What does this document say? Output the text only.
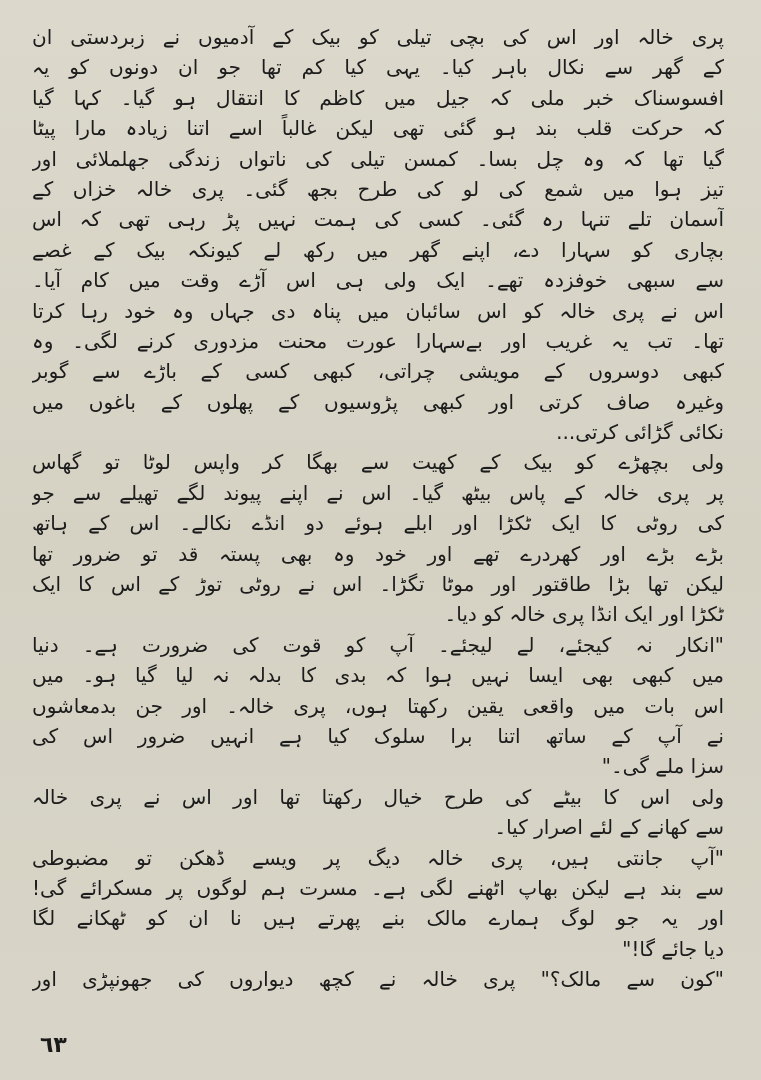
پری خالہ اور اس کی بچی تیلی کو بیک کے آدمیوں نے زبردستی ان
کے گھر سے نکال باہر کیا۔ یہی کیا کم تھا جو ان دونوں کو یہ
افسوسناک خبر ملی کہ جیل میں کاظم کا انتقال ہو گیا۔ کہا گیا
کہ حرکت قلب بند ہو گئی تھی لیکن غالباً اسے اتنا زیادہ مارا پیٹا
گیا تھا کہ وہ چل بسا۔ کمسن تیلی کی ناتواں زندگی جھلملائی اور
تیز ہوا میں شمع کی لو کی طرح بجھ گئی۔ پری خالہ خزاں کے
آسمان تلے تنہا رہ گئی۔ کسی کی ہمت نہیں پڑ رہی تھی کہ اس
بچاری کو سہارا دے، اپنے گھر میں رکھ لے کیونکہ بیک کے غصے
سے سبھی خوفزدہ تھے۔ ایک ولی ہی اس آڑے وقت میں کام آیا۔
اس نے پری خالہ کو اس سائبان میں پناہ دی جہاں وہ خود رہا کرتا
تھا۔ تب یہ غریب اور بےسہارا عورت محنت مزدوری کرنے لگی۔ وہ
کبھی دوسروں کے مویشی چراتی، کبھی کسی کے باڑے سے گوبر
وغیرہ صاف کرتی اور کبھی پڑوسیوں کے پھلوں کے باغوں میں
نکائی گڑائی کرتی...
ولی بچھڑے کو بیک کے کھیت سے بھگا کر واپس لوٹا تو گھاس
پر پری خالہ کے پاس بیٹھ گیا۔ اس نے اپنے پیوند لگے تھیلے سے جو
کی روٹی کا ایک ٹکڑا اور ابلے ہوئے دو انڈے نکالے۔ اس کے ہاتھ
بڑے بڑے اور کھردرے تھے اور خود وہ بھی پستہ قد تو ضرور تھا
لیکن تھا بڑا طاقتور اور موٹا تگڑا۔ اس نے روٹی توڑ کے اس کا ایک
ٹکڑا اور ایک انڈا پری خالہ کو دیا۔
"انکار نہ کیجئے، لے لیجئے۔ آپ کو قوت کی ضرورت ہے۔ دنیا
میں کبھی بھی ایسا نہیں ہوا کہ بدی کا بدلہ نہ لیا گیا ہو۔ میں
اس بات میں واقعی یقین رکھتا ہوں، پری خالہ۔ اور جن بدمعاشوں
نے آپ کے ساتھ اتنا برا سلوک کیا ہے انہیں ضرور اس کی
سزا ملے گی۔"
ولی اس کا بیٹے کی طرح خیال رکھتا تھا اور اس نے پری خالہ
سے کھانے کے لئے اصرار کیا۔
"آپ جانتی ہیں، پری خالہ دیگ پر ویسے ڈھکن تو مضبوطی
سے بند ہے لیکن بھاپ اٹھنے لگی ہے۔ مسرت ہم لوگوں پر مسکرائے گی!
اور یہ جو لوگ ہمارے مالک بنے پھرتے ہیں نا ان کو ٹھکانے لگا
دیا جائے گا!"
"کون سے مالک؟" پری خالہ نے کچھ دیواروں کی جھونپڑی اور
٦٣
